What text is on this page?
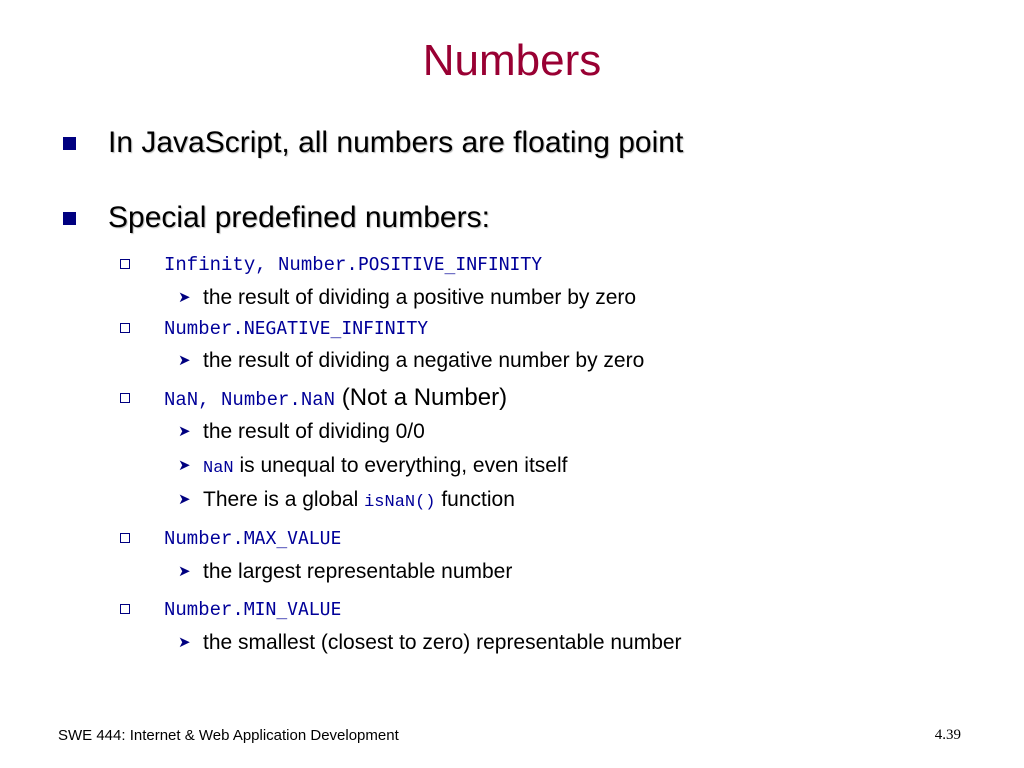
Numbers
In JavaScript, all numbers are floating point
Special predefined numbers:
Infinity, Number.POSITIVE_INFINITY
➤ the result of dividing a positive number by zero
Number.NEGATIVE_INFINITY
➤ the result of dividing a negative number by zero
NaN, Number.NaN (Not a Number)
➤ the result of dividing 0/0
➤ NaN is unequal to everything, even itself
➤ There is a global isNaN() function
Number.MAX_VALUE
➤ the largest representable number
Number.MIN_VALUE
➤ the smallest (closest to zero) representable number
SWE 444: Internet & Web Application Development	4.39
